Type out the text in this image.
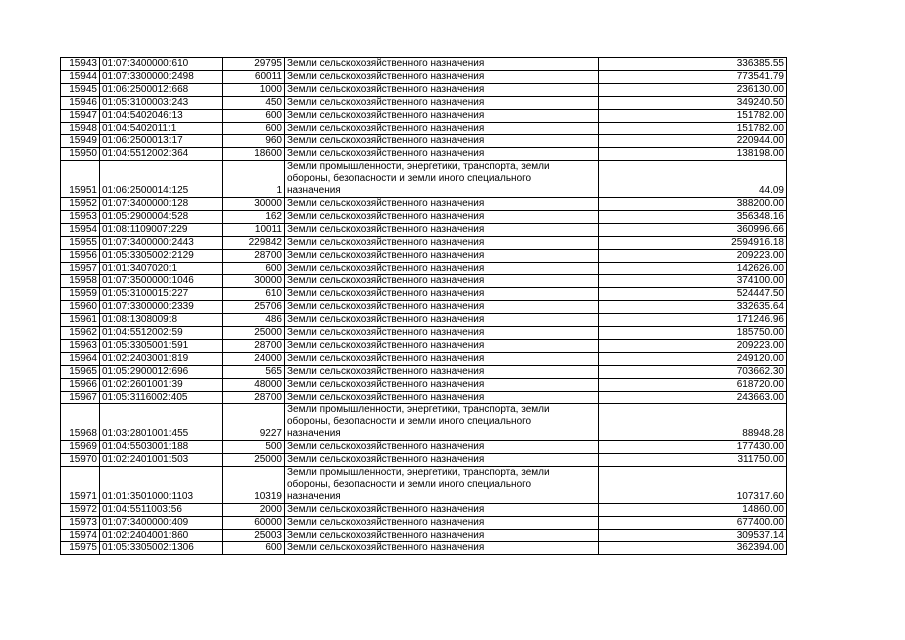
15943	01:07:3400000:610	29795	Земли сельскохозяйственного назначения	336385.55
15944	01:07:3300000:2498	60011	Земли сельскохозяйственного назначения	773541.79
15945	01:06:2500012:668	1000	Земли сельскохозяйственного назначения	236130.00
15946	01:05:3100003:243	450	Земли сельскохозяйственного назначения	349240.50
15947	01:04:5402046:13	600	Земли сельскохозяйственного назначения	151782.00
15948	01:04:5402011:1	600	Земли сельскохозяйственного назначения	151782.00
15949	01:06:2500013:17	960	Земли сельскохозяйственного назначения	220944.00
15950	01:04:5512002:364	18600	Земли сельскохозяйственного назначения	138198.00
15951	01:06:2500014:125	1	Земли промышленности, энергетики, транспорта, земли
обороны, безопасности и земли иного специального
назначения	44.09
15952	01:07:3400000:128	30000	Земли сельскохозяйственного назначения	388200.00
15953	01:05:2900004:528	162	Земли сельскохозяйственного назначения	356348.16
15954	01:08:1109007:229	10011	Земли сельскохозяйственного назначения	360996.66
15955	01:07:3400000:2443	229842	Земли сельскохозяйственного назначения	2594916.18
15956	01:05:3305002:2129	28700	Земли сельскохозяйственного назначения	209223.00
15957	01:01:3407020:1	600	Земли сельскохозяйственного назначения	142626.00
15958	01:07:3500000:1046	30000	Земли сельскохозяйственного назначения	374100.00
15959	01:05:3100015:227	610	Земли сельскохозяйственного назначения	524447.50
15960	01:07:3300000:2339	25706	Земли сельскохозяйственного назначения	332635.64
15961	01:08:1308009:8	486	Земли сельскохозяйственного назначения	171246.96
15962	01:04:5512002:59	25000	Земли сельскохозяйственного назначения	185750.00
15963	01:05:3305001:591	28700	Земли сельскохозяйственного назначения	209223.00
15964	01:02:2403001:819	24000	Земли сельскохозяйственного назначения	249120.00
15965	01:05:2900012:696	565	Земли сельскохозяйственного назначения	703662.30
15966	01:02:2601001:39	48000	Земли сельскохозяйственного назначения	618720.00
15967	01:05:3116002:405	28700	Земли сельскохозяйственного назначения	243663.00
15968	01:03:2801001:455	9227	Земли промышленности, энергетики, транспорта, земли
обороны, безопасности и земли иного специального
назначения	88948.28
15969	01:04:5503001:188	500	Земли сельскохозяйственного назначения	177430.00
15970	01:02:2401001:503	25000	Земли сельскохозяйственного назначения	311750.00
15971	01:01:3501000:1103	10319	Земли промышленности, энергетики, транспорта, земли
обороны, безопасности и земли иного специального
назначения	107317.60
15972	01:04:5511003:56	2000	Земли сельскохозяйственного назначения	14860.00
15973	01:07:3400000:409	60000	Земли сельскохозяйственного назначения	677400.00
15974	01:02:2404001:860	25003	Земли сельскохозяйственного назначения	309537.14
15975	01:05:3305002:1306	600	Земли сельскохозяйственного назначения	362394.00
